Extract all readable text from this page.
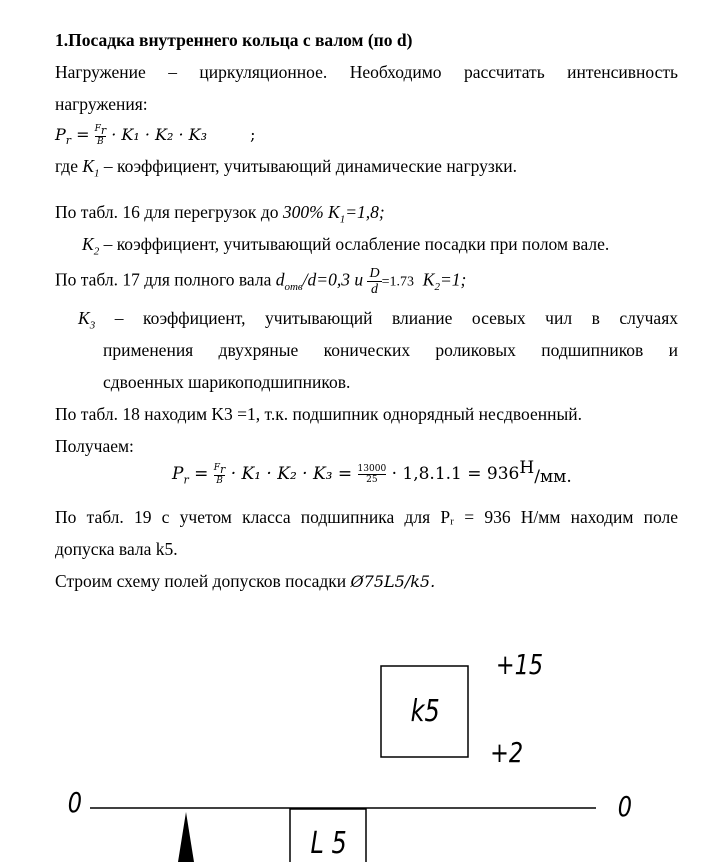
1.Посадка внутреннего кольца с валом (по d)
Нагружение – циркуляционное. Необходимо рассчитать интенсивность
нагружения:
$P_r = \frac{F_r}{B} \cdot K_1 \cdot K_2 \cdot K_3$	;
где $K_1$ – коэффициент, учитывающий динамические нагрузки.
По табл. 16 для перегрузок до 300% $K_1=1,8$;
$K_2$ – коэффициент, учитывающий ослабление посадки при полом вале.
По табл. 17 для полного вала $d_{отв}/d=0,3$ и $\frac{D}{d} =1.73$ $K_2=1$;
$K_3$ – коэффициент, учитывающий влиание осевых чил в случаях
применения двухряные конических роликовых подшипников и
сдвоенных шарикоподшипников.
По табл. 18 находим K3 =1, т.к. подшипник однорядный несдвоенный.
Получаем:
$P_r = \frac{F_r}{B} \cdot K_1 \cdot K_2 \cdot K_3 = \frac{13000}{25} \cdot 1,8.1.1 = 936Н/мм$.
По табл. 19 с учетом класса подшипника для Pᵣ = 936 Н/мм находим поле
допуска вала k5.
Строим схему полей допусков посадки Ø75L5/k5.
k5
+15
+2
0	0
L 5
